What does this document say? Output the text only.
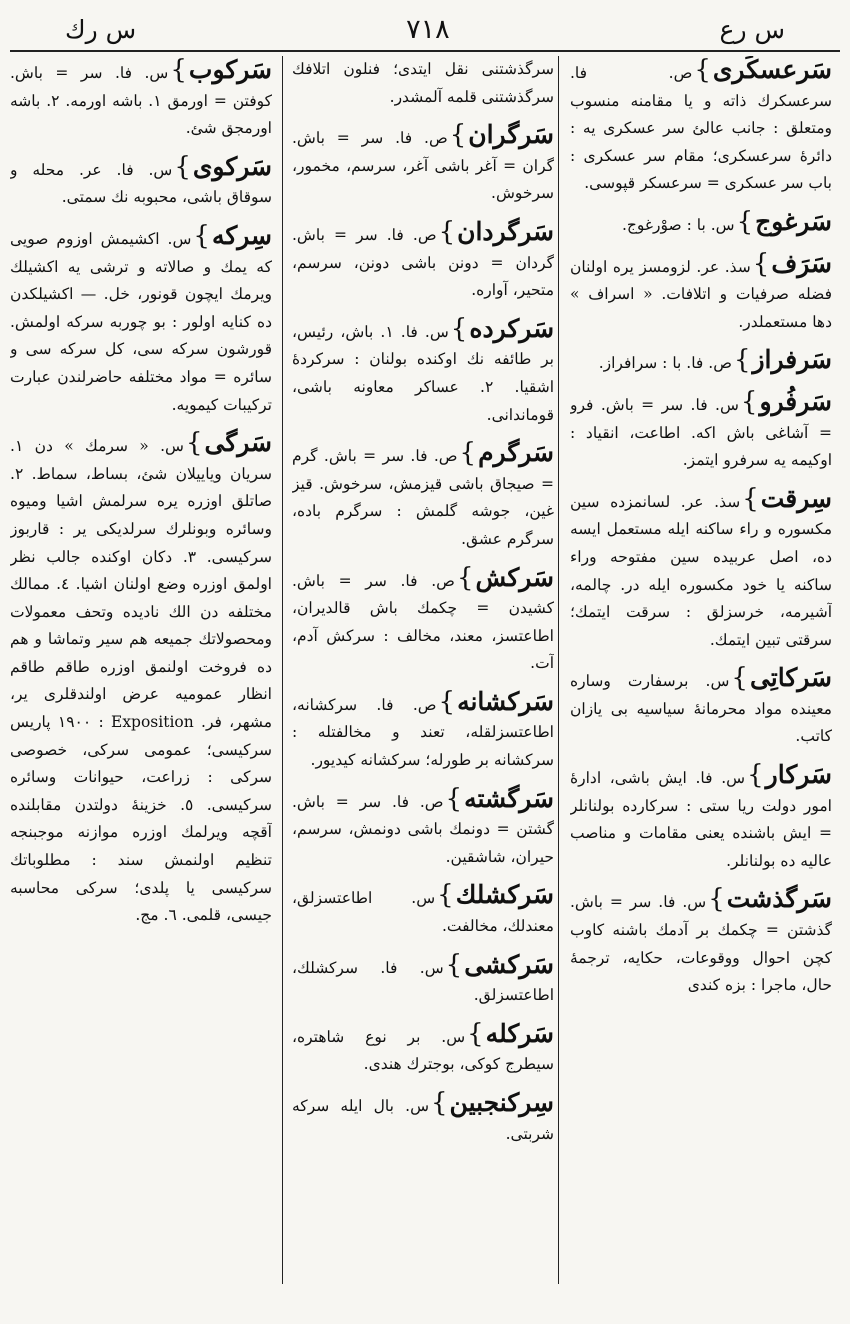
س رع
٧١٨
س رك
سَرعسكَرى}ص. فا. سرعسكرك ذاته و يا مقامنه منسوب ومتعلق : جانب عالئ سر عسكرى يه : دائرهٔ سرعسكرى؛ مقام سر عسكرى : باب سر عسكرى = سرعسكر قپوسى.
سَرغوج}س. با : صوْرغوج.
سَرَف}سذ. عر. لزومسز يره اولنان فضله صرفيات و اتلافات. « اسراف » دها مستعملدر.
سَرفراز}ص. فا. با : سرافراز.
سَرفُرو}س. فا. سر = باش. فرو = آشاغى باش اكه. اطاعت، انقياد : اوكيمه يه سرفرو ايتمز.
سِرقت}سذ. عر. لسانمزده سين مكسوره و راء ساكنه ايله مستعمل ايسه ده، اصل عربيده سين مفتوحه وراء ساكنه يا خود مكسوره ايله در. چالمه، آشيرمه، خرسزلق : سرقت ايتمك؛ سرقتى تبين ايتمك.
سَركاتِى}س. برسفارت وساره معينده مواد محرمانهٔ سياسيه بى يازان كاتب.
سَركار}س. فا. ايش باشى، ادارهٔ امور دولت ريا ستى : سركارده بولنانلر = ايش باشنده يعنى مقامات و مناصب عاليه ده بولنانلر.
سَرگذشت}س. فا. سر = باش. گذشتن = چكمك بر آدمك باشنه كاوب كچن احوال ووقوعات، حكايه، ترجمهٔ حال، ماجرا : بزه كندى
سرگذشتنى نقل ايتدى؛ فنلون اتلافك سرگذشتنى قلمه آلمشدر.
سَرگران}ص. فا. سر = باش. گران = آغر باشى آغر، سرسم، مخمور، سرخوش.
سَرگردان}ص. فا. سر = باش. گردان = دونن باشى دونن، سرسم، متحير، آواره.
سَركرده}س. فا. ١. باش، رئيس، بر طائفه نك اوكنده بولنان : سركردهٔ اشقيا. ٢. عساكر معاونه باشى، قوماندانى.
سَرگرم}ص. فا. سر = باش. گرم = صيجاق باشى قيزمش، سرخوش. قيز غين، جوشه گلمش : سرگرم باده، سرگرم عشق.
سَركش}ص. فا. سر = باش. كشيدن = چكمك باش قالديران، اطاعتسز، معند، مخالف : سركش آدم، آت.
سَركشانه}ص. فا. سركشانه، اطاعتسزلقله، تعند و مخالفتله : سركشانه بر طورله؛ سركشانه كيديور.
سَرگشته}ص. فا. سر = باش. گشتن = دونمك باشى دونمش، سرسم، حيران، شاشقين.
سَركشلك}س. اطاعتسزلق، معندلك، مخالفت.
سَركشى}س. فا. سركشلك، اطاعتسزلق.
سَركله}س. بر نوع شاهتره، سيطرج كوكى، بوجترك هندى.
سِركنجبين}س. بال ايله سركه شربتى.
سَركوب}س. فا. سر = باش. كوفتن = اورمق ١. باشه اورمه. ٢. باشه اورمجق شئ.
سَركوى}س. فا. عر. محله و سوقاق باشى، محبوبه نك سمتى.
سِركه}س. اكشيمش اوزوم صويى كه يمك و صالاته و ترشى يه اكشيلك ويرمك ايچون قونور، خل. — اكشيلكدن ده كنايه اولور : بو چوربه سركه اولمش. قورشون سركه سى، كل سركه سى و سائره = مواد مختلفه حاضرلندن عبارت تركيبات كيمويه.
سَرگى}س. « سرمك » دن ١. سريان وياييلان شئ، بساط، سماط. ٢. صاتلق اوزره يره سرلمش اشيا وميوه وسائره وبونلرك سرلديكى ير : قاربوز سركيسى. ٣. دكان اوكنده جالب نظر اولمق اوزره وضع اولنان اشيا. ٤. ممالك مختلفه دن الك نادیده وتحف معمولات ومحصولاتك جميعه هم سير وتماشا و هم ده فروخت اولنمق اوزره طاقم طاقم انظار عموميه عرض اولندقلرى ير، مشهر، فر. Exposition : ١٩٠٠ پاريس سركيسى؛ عمومى سركى، خصوصى سركى : زراعت، حيوانات وسائره سركيسى. ٥. خزينهٔ دولتدن مقابلنده آقچه ويرلمك اوزره موازنه موجبنجه تنظيم اولنمش سند : مطلوباتك سركيسى يا پلدى؛ سركى محاسبه جيسى، قلمى. ٦. مج.
